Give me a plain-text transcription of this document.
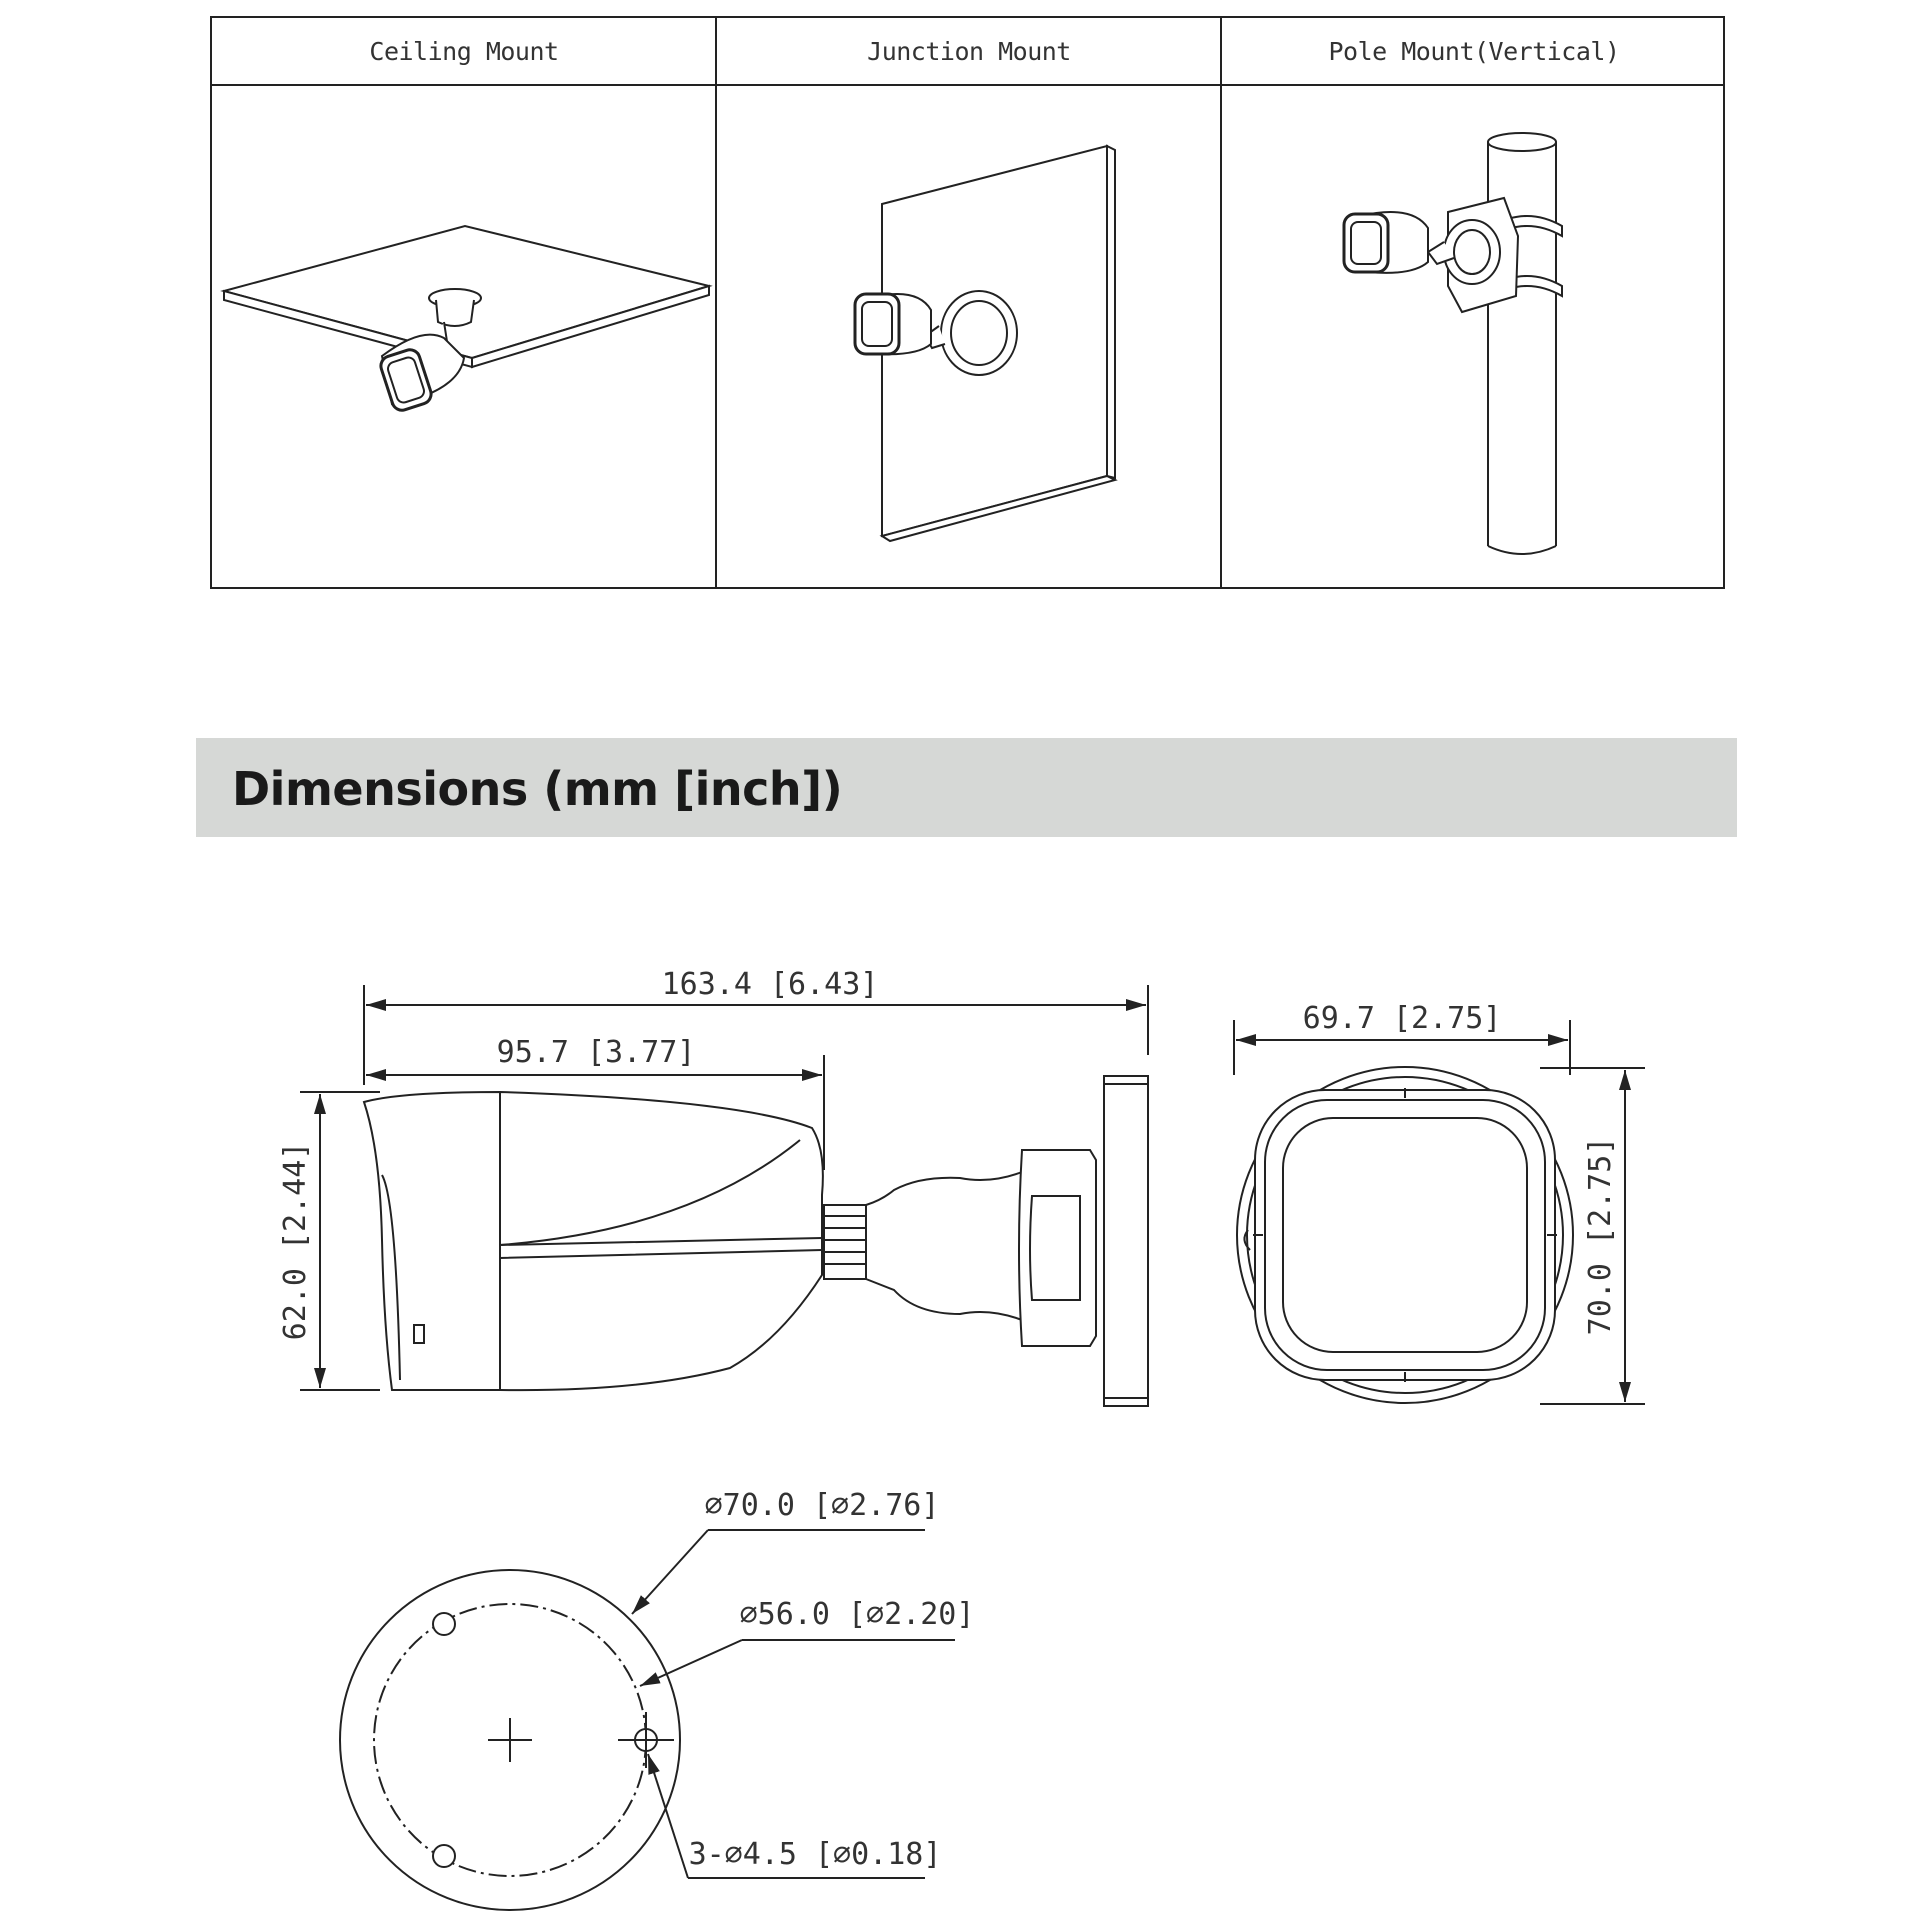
Ceiling Mount	Junction Mount	Pole Mount(Vertical)
Dimensions (mm [inch])
163.4 [6.43]
95.7 [3.77]
62.0 [2.44]
69.7 [2.75]
70.0 [2.75]
⌀70.0 [⌀2.76]
⌀56.0 [⌀2.20]
3-⌀4.5 [⌀0.18]
